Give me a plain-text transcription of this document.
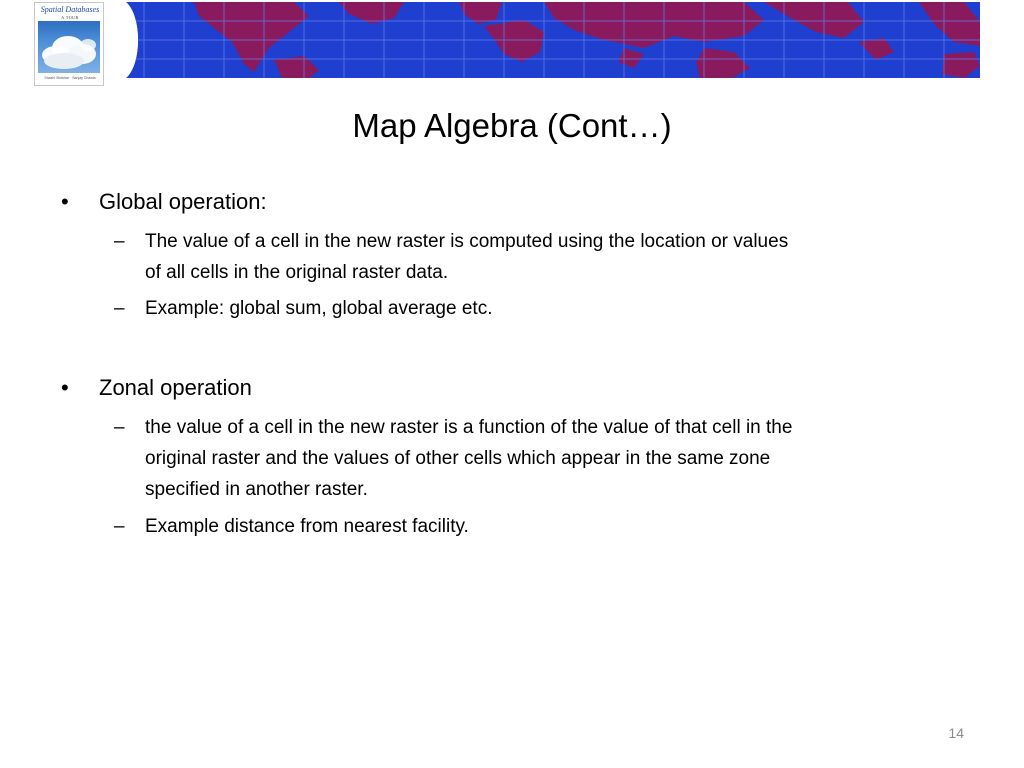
Spatial Databases
A TOUR
Shashi Shekhar · Sanjay Chawla
Map Algebra (Cont…)
• Global operation:
– The value of a cell in the new raster is computed using the location or values
of all cells in the original raster data.
– Example: global sum, global average etc.
• Zonal operation
– the value of a cell in the new raster is a function of the value of that cell in the
original raster and the values of other cells which appear in the same zone
specified in another raster.
– Example distance from nearest facility.
14
